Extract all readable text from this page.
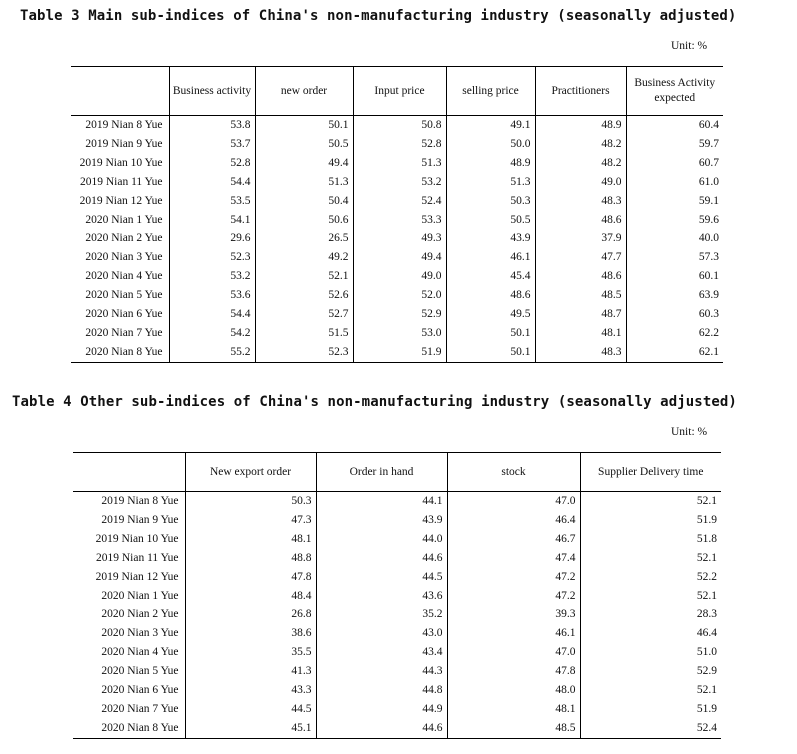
Table 3 Main sub-indices of China's non-manufacturing industry (seasonally adjusted)
Unit: %
	Business activity	new order	Input price	selling price	Practitioners	Business Activity expected
2019 Nian 8 Yue	53.8	50.1	50.8	49.1	48.9	60.4
2019 Nian 9 Yue	53.7	50.5	52.8	50.0	48.2	59.7
2019 Nian 10 Yue	52.8	49.4	51.3	48.9	48.2	60.7
2019 Nian 11 Yue	54.4	51.3	53.2	51.3	49.0	61.0
2019 Nian 12 Yue	53.5	50.4	52.4	50.3	48.3	59.1
2020 Nian 1 Yue	54.1	50.6	53.3	50.5	48.6	59.6
2020 Nian 2 Yue	29.6	26.5	49.3	43.9	37.9	40.0
2020 Nian 3 Yue	52.3	49.2	49.4	46.1	47.7	57.3
2020 Nian 4 Yue	53.2	52.1	49.0	45.4	48.6	60.1
2020 Nian 5 Yue	53.6	52.6	52.0	48.6	48.5	63.9
2020 Nian 6 Yue	54.4	52.7	52.9	49.5	48.7	60.3
2020 Nian 7 Yue	54.2	51.5	53.0	50.1	48.1	62.2
2020 Nian 8 Yue	55.2	52.3	51.9	50.1	48.3	62.1
Table 4 Other sub-indices of China's non-manufacturing industry (seasonally adjusted)
Unit: %
	New export order	Order in hand	stock	Supplier Delivery time
2019 Nian 8 Yue	50.3	44.1	47.0	52.1
2019 Nian 9 Yue	47.3	43.9	46.4	51.9
2019 Nian 10 Yue	48.1	44.0	46.7	51.8
2019 Nian 11 Yue	48.8	44.6	47.4	52.1
2019 Nian 12 Yue	47.8	44.5	47.2	52.2
2020 Nian 1 Yue	48.4	43.6	47.2	52.1
2020 Nian 2 Yue	26.8	35.2	39.3	28.3
2020 Nian 3 Yue	38.6	43.0	46.1	46.4
2020 Nian 4 Yue	35.5	43.4	47.0	51.0
2020 Nian 5 Yue	41.3	44.3	47.8	52.9
2020 Nian 6 Yue	43.3	44.8	48.0	52.1
2020 Nian 7 Yue	44.5	44.9	48.1	51.9
2020 Nian 8 Yue	45.1	44.6	48.5	52.4
